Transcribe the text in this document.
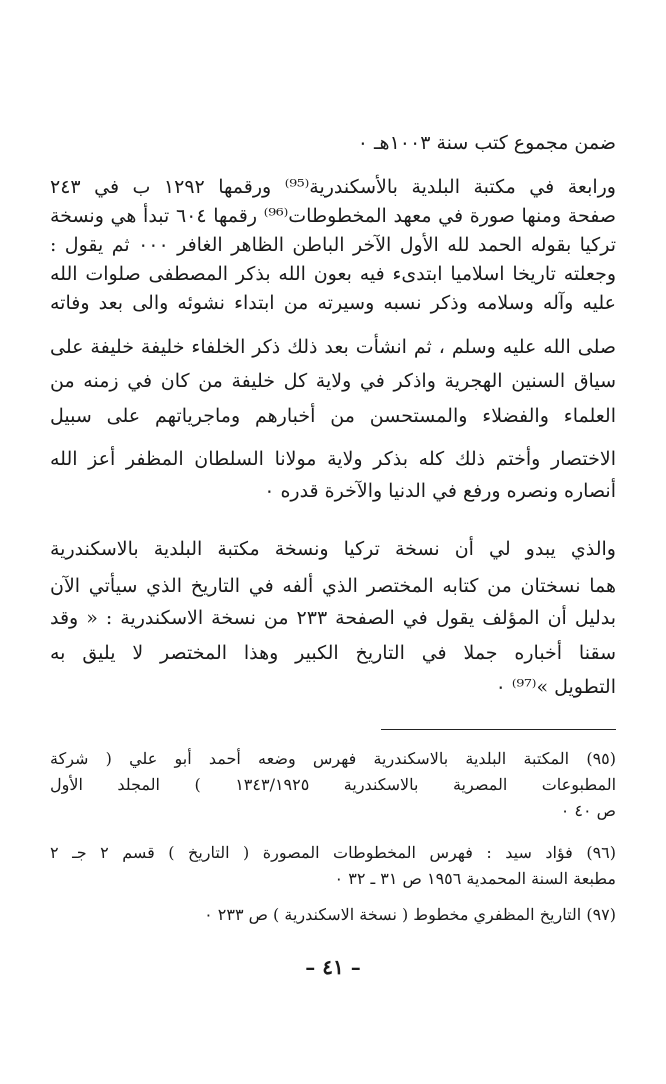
ضمن مجموع كتب سنة ١٠٠٣هـ ٠
ورابعة في مكتبة البلدية بالأسكندرية⁽⁹⁵⁾ ورقمها ١٢٩٢ ب في ٢٤٣
صفحة ومنها صورة في معهد المخطوطات⁽⁹⁶⁾ رقمها ٦٠٤ تبدأ هي ونسخة
تركيا بقوله الحمد لله الأول الآخر الباطن الظاهر الغافر ٠٠٠ ثم يقول :
وجعلته تاريخا اسلاميا ابتدىء فيه بعون الله بذكر المصطفى صلوات الله
عليه وآله وسلامه وذكر نسبه وسيرته من ابتداء نشوئه والى بعد وفاته
صلى الله عليه وسلم ، ثم انشأت بعد ذلك ذكر الخلفاء خليفة خليفة على
سياق السنين الهجرية واذكر في ولاية كل خليفة من كان في زمنه من
العلماء والفضلاء والمستحسن من أخبارهم وماجرياتهم على سبيل
الاختصار وأختم ذلك كله بذكر ولاية مولانا السلطان المظفر أعز الله
أنصاره ونصره ورفع في الدنيا والآخرة قدره ٠
والذي يبدو لي أن نسخة تركيا ونسخة مكتبة البلدية بالاسكندرية
هما نسختان من كتابه المختصر الذي ألفه في التاريخ الذي سيأتي الآن
بدليل أن المؤلف يقول في الصفحة ٢٣٣ من نسخة الاسكندرية : « وقد
سقنا أخباره جملا في التاريخ الكبير وهذا المختصر لا يليق به
التطويل »⁽⁹⁷⁾ ٠
(٩٥) المكتبة البلدية بالاسكندرية فهرس وضعه أحمد أبو علي ( شركة
المطبوعات المصرية بالاسكندرية ١٣٤٣/١٩٢٥ ) المجلد الأول
ص ٤٠ ٠
(٩٦) فؤاد سيد : فهرس المخطوطات المصورة ( التاريخ ) قسم ٢ جـ ٢
مطبعة السنة المحمدية ١٩٥٦ ص ٣١ ـ ٣٢ ٠
(٩٧) التاريخ المظفري مخطوط ( نسخة الاسكندرية ) ص ٢٣٣ ٠
– ٤١ –
